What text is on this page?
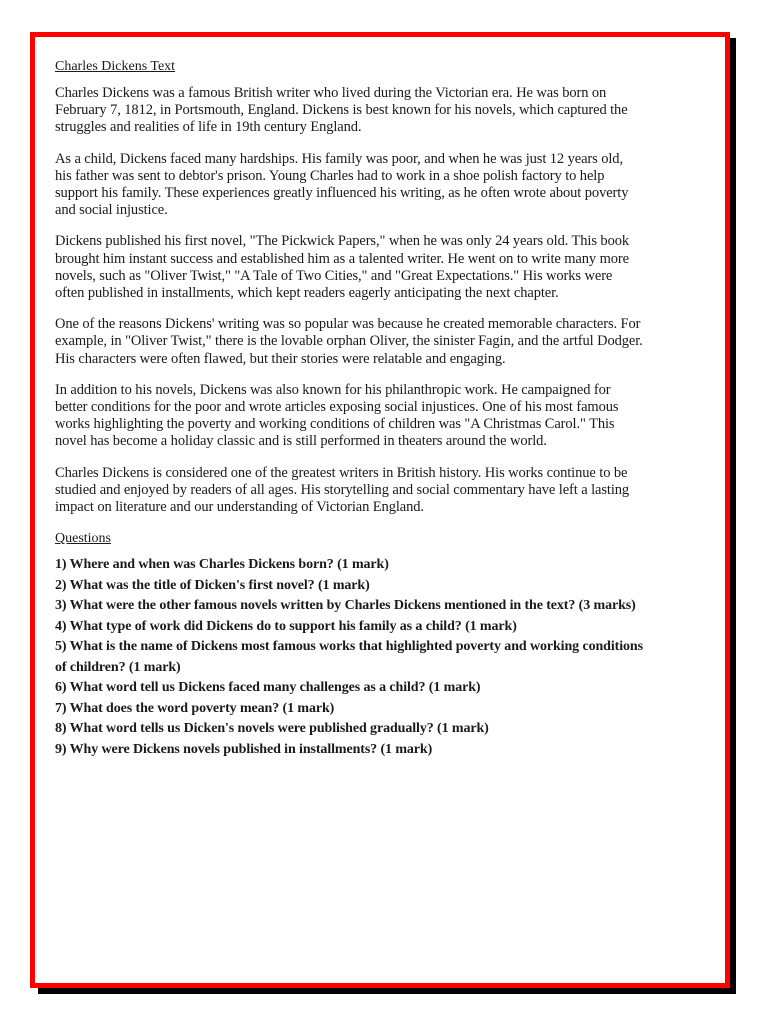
Charles Dickens Text

Charles Dickens was a famous British writer who lived during the Victorian era. He was born on February 7, 1812, in Portsmouth, England. Dickens is best known for his novels, which captured the struggles and realities of life in 19th century England.

As a child, Dickens faced many hardships. His family was poor, and when he was just 12 years old, his father was sent to debtor's prison. Young Charles had to work in a shoe polish factory to help support his family. These experiences greatly influenced his writing, as he often wrote about poverty and social injustice.

Dickens published his first novel, "The Pickwick Papers," when he was only 24 years old. This book brought him instant success and established him as a talented writer. He went on to write many more novels, such as "Oliver Twist," "A Tale of Two Cities," and "Great Expectations." His works were often published in installments, which kept readers eagerly anticipating the next chapter.

One of the reasons Dickens' writing was so popular was because he created memorable characters. For example, in "Oliver Twist," there is the lovable orphan Oliver, the sinister Fagin, and the artful Dodger. His characters were often flawed, but their stories were relatable and engaging.

In addition to his novels, Dickens was also known for his philanthropic work. He campaigned for better conditions for the poor and wrote articles exposing social injustices. One of his most famous works highlighting the poverty and working conditions of children was "A Christmas Carol." This novel has become a holiday classic and is still performed in theaters around the world.

Charles Dickens is considered one of the greatest writers in British history. His works continue to be studied and enjoyed by readers of all ages. His storytelling and social commentary have left a lasting impact on literature and our understanding of Victorian England.

Questions
1) Where and when was Charles Dickens born? (1 mark)
2) What was the title of Dicken's first novel? (1 mark)
3) What were the other famous novels written by Charles Dickens mentioned in the text? (3 marks)
4) What type of work did Dickens do to support his family as a child? (1 mark)
5) What is the name of Dickens most famous works that highlighted poverty and working conditions
of children? (1 mark)
6) What word tell us Dickens faced many challenges as a child? (1 mark)
7) What does the word poverty mean? (1 mark)
8) What word tells us Dicken's novels were published gradually? (1 mark)
9) Why were Dickens novels published in installments? (1 mark)
